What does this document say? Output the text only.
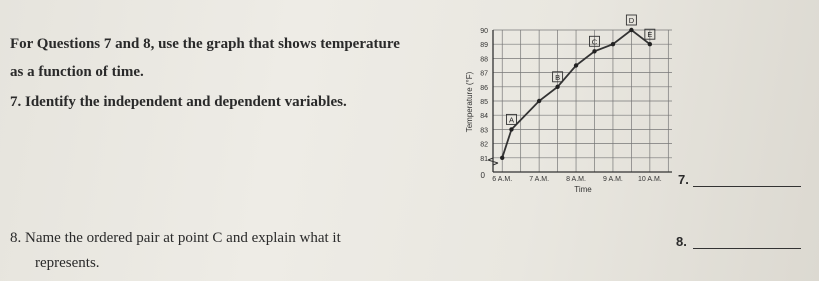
For Questions 7 and 8, use the graph that shows temperature
as a function of time.
7. Identify the independent and dependent variables.
8. Name the ordered pair at point C and explain what it
represents.
7.
8.
81
82
83
84
85
86
87
88
89
90
6 A.M. 7 A.M. 8 A.M. 9 A.M. 10 A.M.
0
Time
Temperature (°F)	A
B
C
D
E
